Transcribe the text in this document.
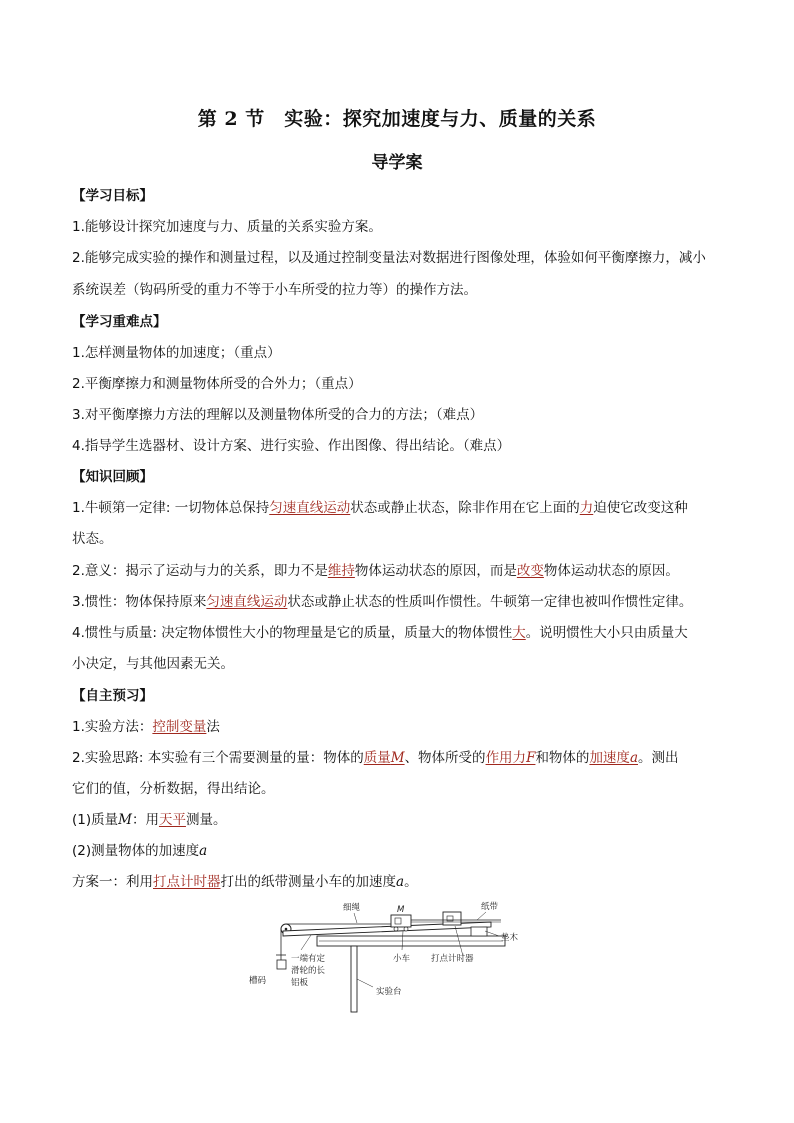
第 2 节　实验：探究加速度与力、质量的关系
导学案
【学习目标】
1.能够设计探究加速度与力、质量的关系实验方案。
2.能够完成实验的操作和测量过程，以及通过控制变量法对数据进行图像处理，体验如何平衡摩擦力，减小
系统误差（钩码所受的重力不等于小车所受的拉力等）的操作方法。
【学习重难点】
1.怎样测量物体的加速度；（重点）
2.平衡摩擦力和测量物体所受的合外力；（重点）
3.对平衡摩擦力方法的理解以及测量物体所受的合力的方法；（难点）
4.指导学生选器材、设计方案、进行实验、作出图像、得出结论。（难点）
【知识回顾】
1.牛顿第一定律: 一切物体总保持匀速直线运动状态或静止状态，除非作用在它上面的力迫使它改变这种
状态。
2.意义：揭示了运动与力的关系，即力不是维持物体运动状态的原因，而是改变物体运动状态的原因。
3.惯性：物体保持原来匀速直线运动状态或静止状态的性质叫作惯性。牛顿第一定律也被叫作惯性定律。
4.惯性与质量: 决定物体惯性大小的物理量是它的质量，质量大的物体惯性大。说明惯性大小只由质量大
小决定，与其他因素无关。
【自主预习】
1.实验方法：控制变量法
2.实验思路: 本实验有三个需要测量的量：物体的质量M、物体所受的作用力F和物体的加速度a。测出
它们的值，分析数据，得出结论。
(1)质量M：用天平测量。
(2)测量物体的加速度a
方案一：利用打点计时器打出的纸带测量小车的加速度a。
细绳	M	纸带
垫木
槽码
一端有定
滑轮的长
铝板
小车 打点计时器
实验台
